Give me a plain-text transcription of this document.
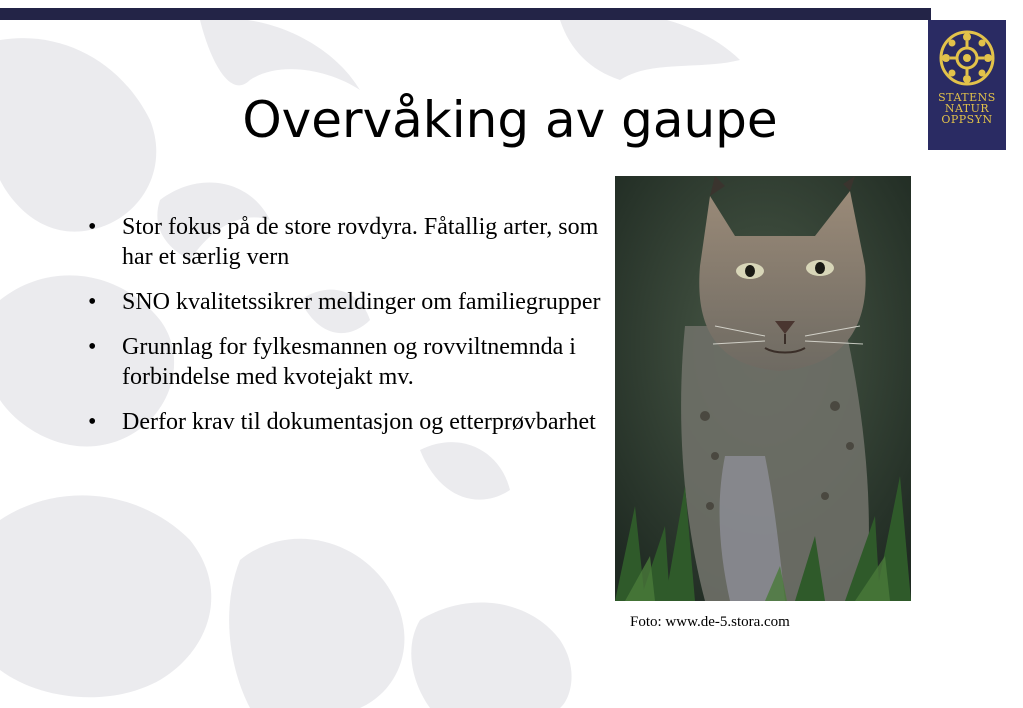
STATENS
NATUR
OPPSYN
Overvåking av gaupe
• Stor fokus på de store rovdyra. Fåtallig arter, som har et særlig vern
• SNO kvalitetssikrer meldinger om familiegrupper
• Grunnlag for fylkesmannen og rovviltnemnda i forbindelse med kvotejakt mv.
• Derfor krav til dokumentasjon og etterprøvbarhet
Foto: www.de-5.stora.com
